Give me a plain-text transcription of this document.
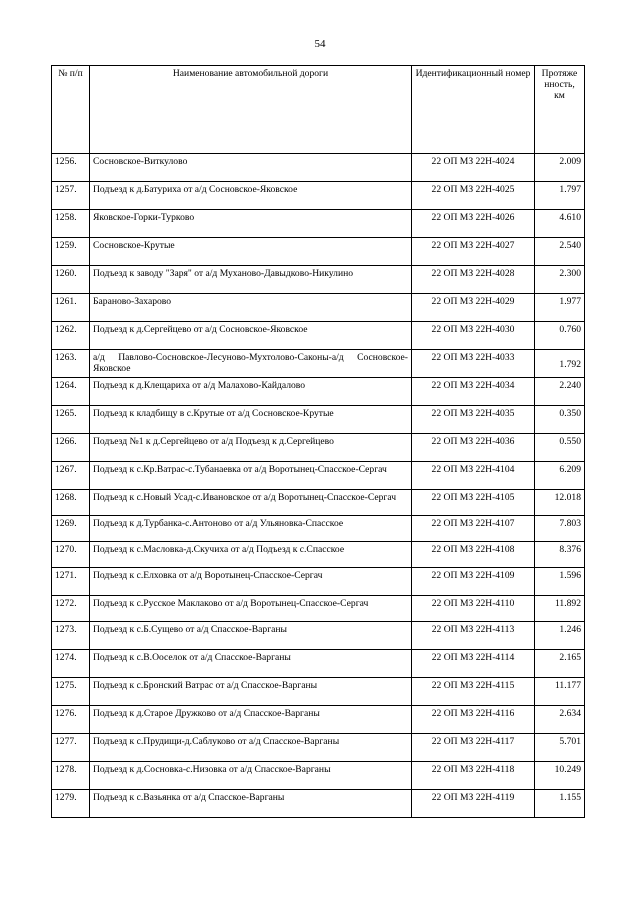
54
№ п/п	Наименование автомобильной дороги	Идентификационный номер	Протяже нность, км
1256.	Сосновское-Виткулово	22 ОП МЗ 22Н-4024	2.009
1257.	Подъезд к д.Батуриха от а/д Сосновское-Яковское	22 ОП МЗ 22Н-4025	1.797
1258.	Яковское-Горки-Турково	22 ОП МЗ 22Н-4026	4.610
1259.	Сосновское-Крутые	22 ОП МЗ 22Н-4027	2.540
1260.	Подъезд к заводу "Заря" от а/д Муханово-Давыдково-Никулино	22 ОП МЗ 22Н-4028	2.300
1261.	Бараново-Захарово	22 ОП МЗ 22Н-4029	1.977
1262.	Подъезд к д.Сергейцево от а/д Сосновское-Яковское	22 ОП МЗ 22Н-4030	0.760
1263.	а/д Павлово-Сосновское-Лесуново-Мухтолово-Саконы-а/д Сосновское-Яковское	22 ОП МЗ 22Н-4033	1.792
1264.	Подъезд к д.Клещариха от а/д Малахово-Кайдалово	22 ОП МЗ 22Н-4034	2.240
1265.	Подъезд к кладбищу в с.Крутые от а/д Сосновское-Крутые	22 ОП МЗ 22Н-4035	0.350
1266.	Подъезд №1 к д.Сергейцево от а/д Подъезд к д.Сергейцево	22 ОП МЗ 22Н-4036	0.550
1267.	Подъезд к с.Кр.Ватрас-с.Тубанаевка от а/д Воротынец-Спасское-Сергач	22 ОП МЗ 22Н-4104	6.209
1268.	Подъезд к с.Новый Усад-с.Ивановское от а/д Воротынец-Спасское-Сергач	22 ОП МЗ 22Н-4105	12.018
1269.	Подъезд к д.Турбанка-с.Антоново от а/д Ульяновка-Спасское	22 ОП МЗ 22Н-4107	7.803
1270.	Подъезд к с.Масловка-д.Скучиха от а/д Подъезд к с.Спасское	22 ОП МЗ 22Н-4108	8.376
1271.	Подъезд к с.Елховка от а/д Воротынец-Спасское-Сергач	22 ОП МЗ 22Н-4109	1.596
1272.	Подъезд к с.Русское Маклаково от а/д Воротынец-Спасское-Сергач	22 ОП МЗ 22Н-4110	11.892
1273.	Подъезд к с.Б.Сущево от а/д Спасское-Варганы	22 ОП МЗ 22Н-4113	1.246
1274.	Подъезд к с.В.Ооселок от а/д Спасское-Варганы	22 ОП МЗ 22Н-4114	2.165
1275.	Подъезд к с.Бронский Ватрас от а/д Спасское-Варганы	22 ОП МЗ 22Н-4115	11.177
1276.	Подъезд к д.Старое Дружково от а/д Спасское-Варганы	22 ОП МЗ 22Н-4116	2.634
1277.	Подъезд к с.Прудищи-д.Саблуково от а/д Спасское-Варганы	22 ОП МЗ 22Н-4117	5.701
1278.	Подъезд к д.Сосновка-с.Низовка от а/д Спасское-Варганы	22 ОП МЗ 22Н-4118	10.249
1279.	Подъезд к с.Вазьянка от а/д Спасское-Варганы	22 ОП МЗ 22Н-4119	1.155
